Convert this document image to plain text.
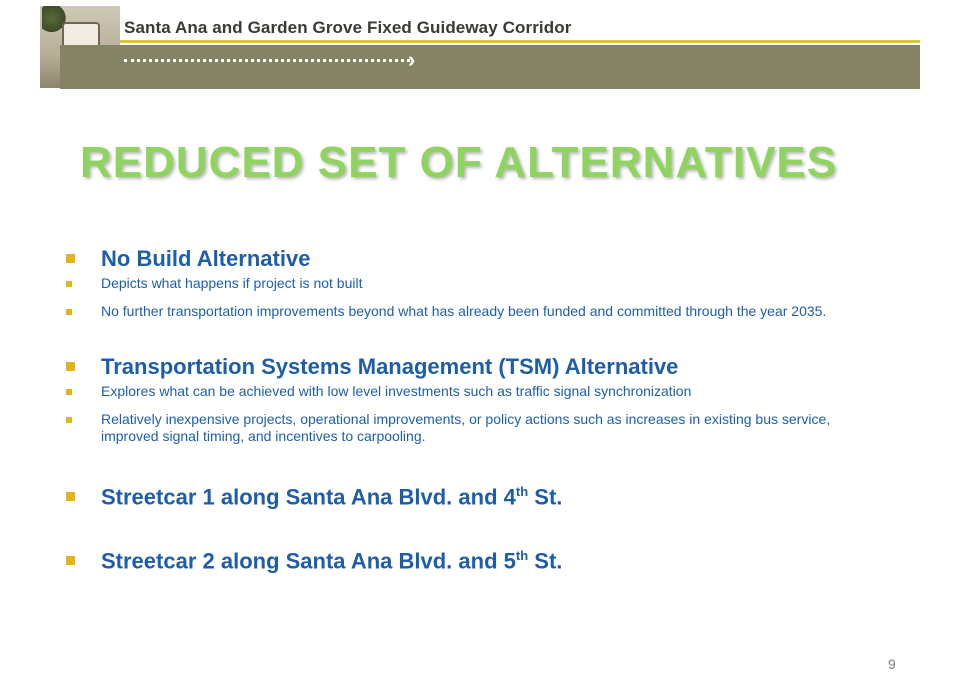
Santa Ana and Garden Grove Fixed Guideway Corridor
›
REDUCED SET OF ALTERNATIVES
No Build Alternative
Depicts what happens if project is not built
No further transportation improvements beyond what has already been funded and committed through the year 2035.
Transportation Systems Management (TSM) Alternative
Explores what can be achieved with low level investments such as traffic signal synchronization
Relatively inexpensive projects, operational improvements, or policy actions such as increases in existing bus service, improved signal timing, and incentives to carpooling.
Streetcar 1 along Santa Ana Blvd. and 4th St.
Streetcar 2 along Santa Ana Blvd. and 5th St.
9
